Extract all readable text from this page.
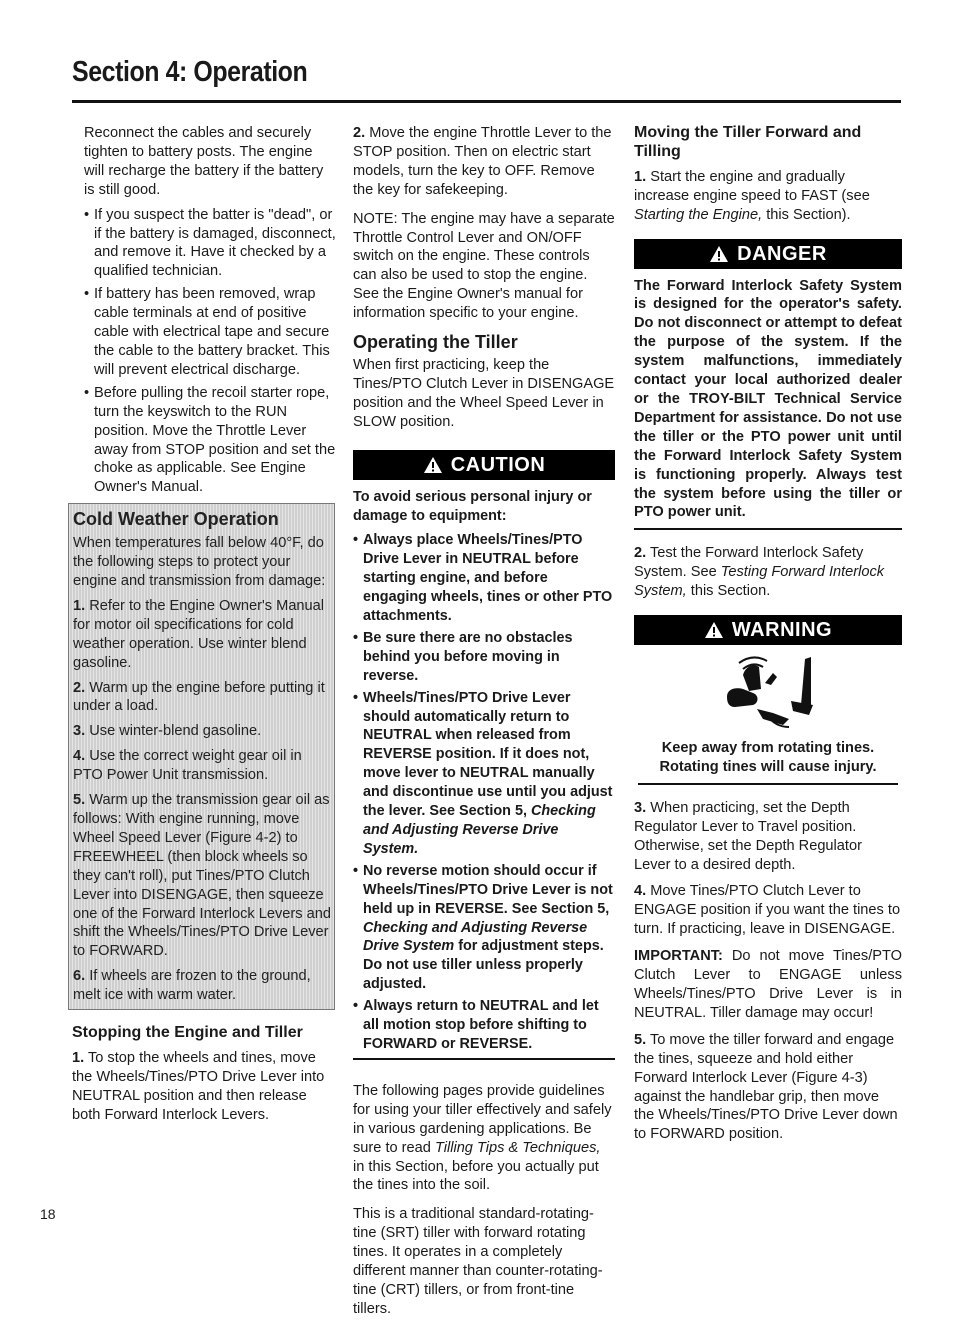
Section 4: Operation

Reconnect the cables and securely tighten to battery posts. The engine will recharge the battery if the battery is still good.

• If you suspect the batter is "dead", or if the battery is damaged, disconnect, and remove it. Have it checked by a qualified technician.
• If battery has been removed, wrap cable terminals at end of positive cable with electrical tape and secure the cable to the battery bracket. This will prevent electrical discharge.
• Before pulling the recoil starter rope, turn the keyswitch to the RUN position. Move the Throttle Lever away from STOP position and set the choke as applicable. See Engine Owner's Manual.
Cold Weather Operation

When temperatures fall below 40°F, do the following steps to protect your engine and transmission from damage:

1. Refer to the Engine Owner's Manual for motor oil specifications for cold weather operation. Use winter blend gasoline.

2. Warm up the engine before putting it under a load.

3. Use winter-blend gasoline.

4. Use the correct weight gear oil in PTO Power Unit transmission.

5. Warm up the transmission gear oil as follows: With engine running, move Wheel Speed Lever (Figure 4-2) to FREEWHEEL (then block wheels so they can't roll), put Tines/PTO Clutch Lever into DISENGAGE, then squeeze one of the Forward Interlock Levers and shift the Wheels/Tines/PTO Drive Lever to FORWARD.

6. If wheels are frozen to the ground, melt ice with warm water.

Stopping the Engine and Tiller

1. To stop the wheels and tines, move the Wheels/Tines/PTO Drive Lever into NEUTRAL position and then release both Forward Interlock Levers.

2. Move the engine Throttle Lever to the STOP position. Then on electric start models, turn the key to OFF. Remove the key for safekeeping.

NOTE: The engine may have a separate Throttle Control Lever and ON/OFF switch on the engine. These controls can also be used to stop the engine. See the Engine Owner's manual for information specific to your engine.

Operating the Tiller

When first practicing, keep the Tines/PTO Clutch Lever in DISENGAGE position and the Wheel Speed Lever in SLOW position.

CAUTION

To avoid serious personal injury or damage to equipment:

• Always place Wheels/Tines/PTO Drive Lever in NEUTRAL before starting engine, and before engaging wheels, tines or other PTO attachments.
• Be sure there are no obstacles behind you before moving in reverse.
• Wheels/Tines/PTO Drive Lever should automatically return to NEUTRAL when released from REVERSE position. If it does not, move lever to NEUTRAL manually and discontinue use until you adjust the lever. See Section 5, Checking and Adjusting Reverse Drive System.
• No reverse motion should occur if Wheels/Tines/PTO Drive Lever is not held up in REVERSE. See Section 5, Checking and Adjusting Reverse Drive System for adjustment steps. Do not use tiller unless properly adjusted.
• Always return to NEUTRAL and let all motion stop before shifting to FORWARD or REVERSE.

The following pages provide guidelines for using your tiller effectively and safely in various gardening applications. Be sure to read Tilling Tips & Techniques, in this Section, before you actually put the tines into the soil.

This is a traditional standard-rotating-tine (SRT) tiller with forward rotating tines. It operates in a completely different manner than counter-rotating-tine (CRT) tillers, or from front-tine tillers.

Moving the Tiller Forward and Tilling

1. Start the engine and gradually increase engine speed to FAST (see Starting the Engine, this Section).

DANGER

The Forward Interlock Safety System is designed for the operator's safety. Do not disconnect or attempt to defeat the purpose of the system. If the system malfunctions, immediately contact your local authorized dealer or the TROY-BILT Technical Service Department for assistance. Do not use the tiller or the PTO power unit until the Forward Interlock Safety System is functioning properly. Always test the system before using the tiller or PTO power unit.

2. Test the Forward Interlock Safety System. See Testing Forward Interlock System, this Section.

WARNING

Keep away from rotating tines. Rotating tines will cause injury.

3. When practicing, set the Depth Regulator Lever to Travel position. Otherwise, set the Depth Regulator Lever to a desired depth.

4. Move Tines/PTO Clutch Lever to ENGAGE position if you want the tines to turn. If practicing, leave in DISENGAGE.

IMPORTANT: Do not move Tines/PTO Clutch Lever to ENGAGE unless Wheels/Tines/PTO Drive Lever is in NEUTRAL. Tiller damage may occur!

5. To move the tiller forward and engage the tines, squeeze and hold either Forward Interlock Lever (Figure 4-3) against the handlebar grip, then move the Wheels/Tines/PTO Drive Lever down to FORWARD position.

18
